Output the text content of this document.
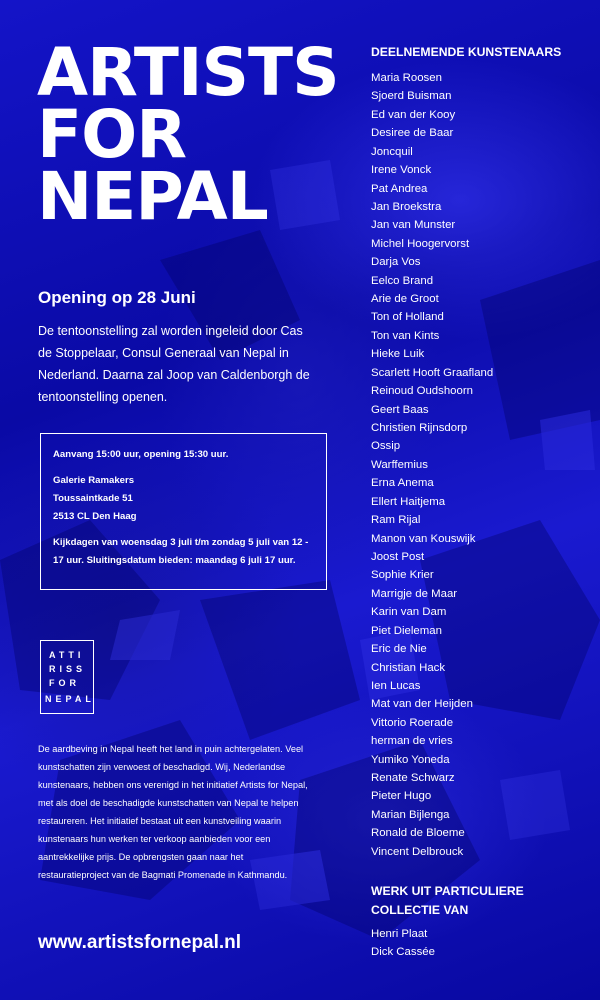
ARTISTS
FOR
NEPAL
Opening op 28 Juni
De tentoonstelling zal worden ingeleid door Cas de Stoppelaar, Consul Generaal van Nepal in Nederland. Daarna zal Joop van Caldenborgh de tentoonstelling openen.

Aanvang 15:00 uur, opening 15:30 uur.

Galerie Ramakers

Toussaintkade 51

2513 CL Den Haag

Kijkdagen van woensdag 3 juli t/m zondag 5 juli van 12 - 17 uur. Sluitingsdatum bieden: maandag 6 juli 17 uur.

ATTI
RISS
FOR
NEPAL
De aardbeving in Nepal heeft het land in puin achtergelaten. Veel kunstschatten zijn verwoest of beschadigd. Wij, Nederlandse kunstenaars, hebben ons verenigd in het initiatief Artists for Nepal, met als doel de beschadigde kunstschatten van Nepal te helpen restaureren. Het initiatief bestaat uit een kunstveiling waarin kunstenaars hun werken ter verkoop aanbieden voor een aantrekkelijke prijs. De opbrengsten gaan naar het restauratieproject van de Bagmati Promenade in Kathmandu.
www.artistsfornepal.nl
DEELNEMENDE KUNSTENAARS
Maria Roosen
Sjoerd Buisman
Ed van der Kooy
Desiree de Baar
Joncquil
Irene Vonck
Pat Andrea
Jan Broekstra
Jan van Munster
Michel Hoogervorst
Darja Vos
Eelco Brand
Arie de Groot
Ton of Holland
Ton van Kints
Hieke Luik
Scarlett Hooft Graafland
Reinoud Oudshoorn
Geert Baas
Christien Rijnsdorp
Ossip
Warffemius
Erna Anema
Ellert Haitjema
Ram Rijal
Manon van Kouswijk
Joost Post
Sophie Krier
Marrigje de Maar
Karin van Dam
Piet Dieleman
Eric de Nie
Christian Hack
Ien Lucas
Mat van der Heijden
Vittorio Roerade
herman de vries
Yumiko Yoneda
Renate Schwarz
Pieter Hugo
Marian Bijlenga
Ronald de Bloeme
Vincent Delbrouck
WERK UIT PARTICULIERE COLLECTIE VAN
Henri Plaat
Dick Cassée
